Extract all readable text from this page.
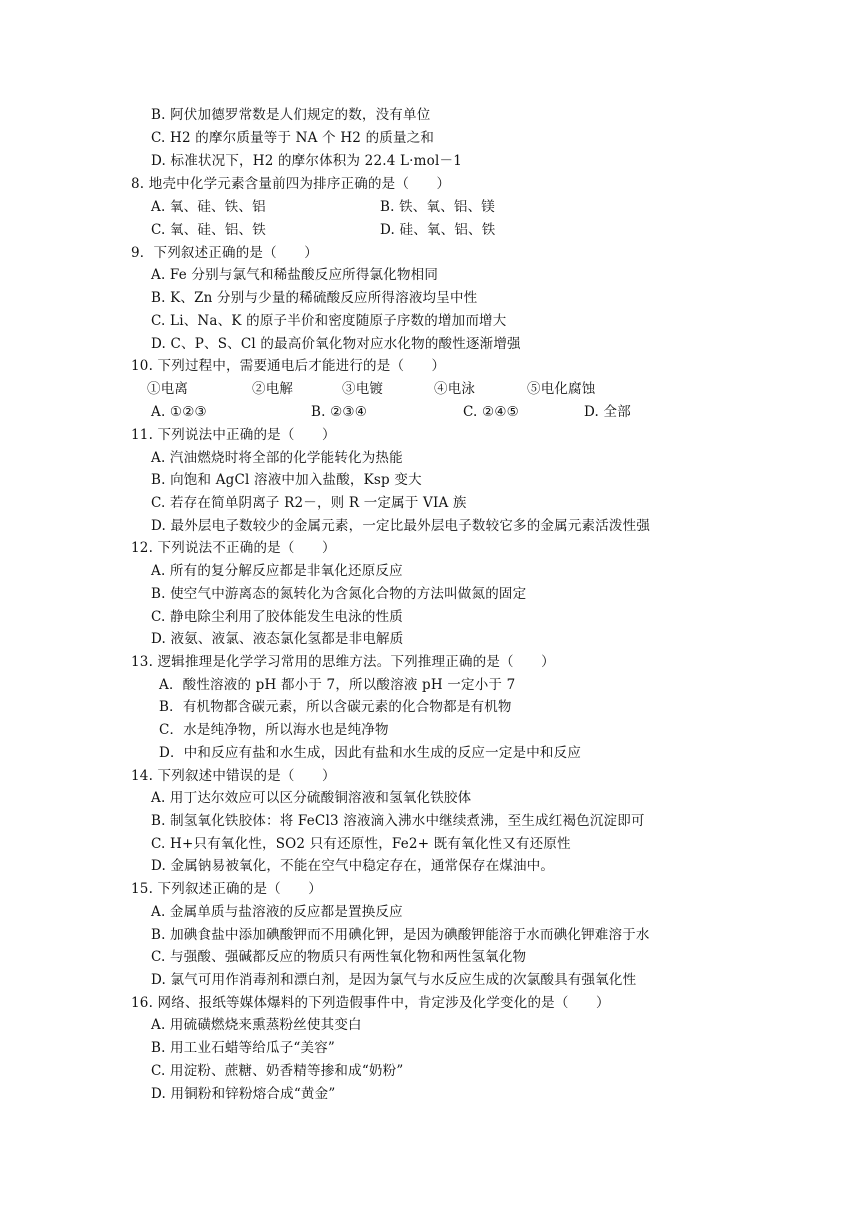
B. 阿伏加德罗常数是人们规定的数，没有单位
C. H2 的摩尔质量等于 NA 个 H2 的质量之和
D. 标准状况下，H2 的摩尔体积为 22.4 L·mol－1
8. 地壳中化学元素含量前四为排序正确的是（　　）
A. 氧、硅、铁、铝	B. 铁、氧、铝、镁
C. 氧、硅、铝、铁	D. 硅、氧、铝、铁
9．下列叙述正确的是（　　）
A. Fe 分别与氯气和稀盐酸反应所得氯化物相同
B. K、Zn 分别与少量的稀硫酸反应所得溶液均呈中性
C. Li、Na、K 的原子半价和密度随原子序数的增加而增大
D. C、P、S、Cl 的最高价氧化物对应水化物的酸性逐渐增强
10. 下列过程中，需要通电后才能进行的是（　　）
①电离	②电解	③电镀	④电泳	⑤电化腐蚀
A. ①②③	B. ②③④	C. ②④⑤	D. 全部
11. 下列说法中正确的是（　　）
A. 汽油燃烧时将全部的化学能转化为热能
B. 向饱和 AgCl 溶液中加入盐酸，Ksp 变大
C. 若存在简单阴离子 R2－，则 R 一定属于 VIA 族
D. 最外层电子数较少的金属元素，一定比最外层电子数较它多的金属元素活泼性强
12. 下列说法不正确的是（　　）
A. 所有的复分解反应都是非氧化还原反应
B. 使空气中游离态的氮转化为含氮化合物的方法叫做氮的固定
C. 静电除尘利用了胶体能发生电泳的性质
D. 液氨、液氯、液态氯化氢都是非电解质
13. 逻辑推理是化学学习常用的思维方法。下列推理正确的是（　　）
A．酸性溶液的 pH 都小于 7，所以酸溶液 pH 一定小于 7
B．有机物都含碳元素，所以含碳元素的化合物都是有机物
C．水是纯净物，所以海水也是纯净物
D．中和反应有盐和水生成，因此有盐和水生成的反应一定是中和反应
14. 下列叙述中错误的是（　　）
A. 用丁达尔效应可以区分硫酸铜溶液和氢氧化铁胶体
B. 制氢氧化铁胶体：将 FeCl3 溶液滴入沸水中继续煮沸，至生成红褐色沉淀即可
C. H+只有氧化性，SO2 只有还原性，Fe2+ 既有氧化性又有还原性
D. 金属钠易被氧化，不能在空气中稳定存在，通常保存在煤油中。
15. 下列叙述正确的是（　　）
A. 金属单质与盐溶液的反应都是置换反应
B. 加碘食盐中添加碘酸钾而不用碘化钾，是因为碘酸钾能溶于水而碘化钾难溶于水
C. 与强酸、强碱都反应的物质只有两性氧化物和两性氢氧化物
D. 氯气可用作消毒剂和漂白剂，是因为氯气与水反应生成的次氯酸具有强氧化性
16. 网络、报纸等媒体爆料的下列造假事件中，肯定涉及化学变化的是（　　）
A. 用硫磺燃烧来熏蒸粉丝使其变白
B. 用工业石蜡等给瓜子“美容”
C. 用淀粉、蔗糖、奶香精等掺和成“奶粉”
D. 用铜粉和锌粉熔合成“黄金”
